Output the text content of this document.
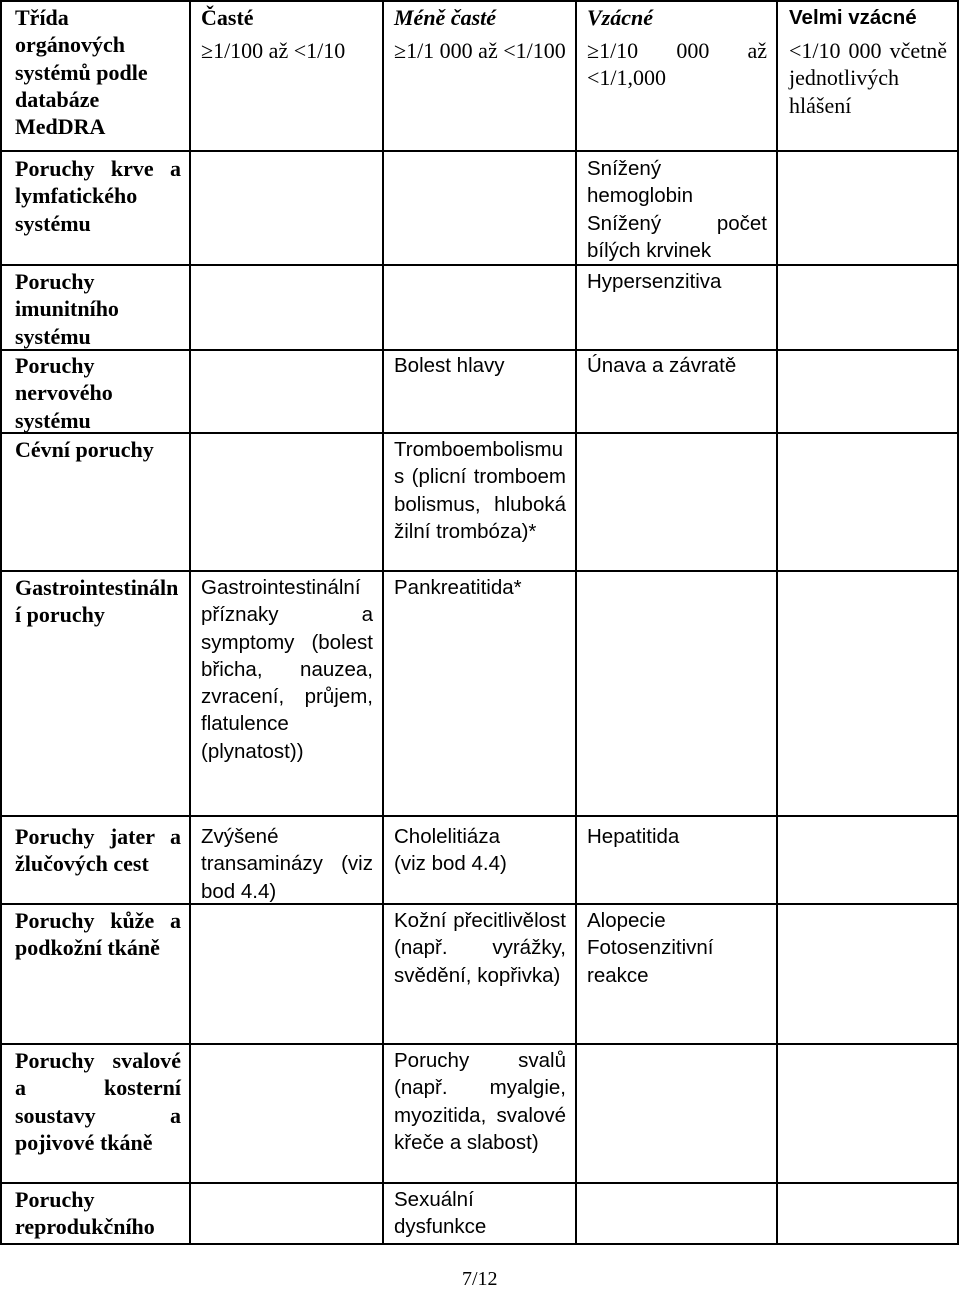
Třída orgánových systémů podle databáze MedDRA
Časté
≥1/100 až <1/10
Méně časté
≥1/1 000 až <1/100
Vzácné
≥1/10 000 až <1/1,000
Velmi vzácné
<1/10 000 včetně jednotlivých hlášení
Poruchy krve a lymfatického systému
Snížený hemoglobin
Snížený počet bílých krvinek
Poruchy imunitního systému
Hypersenzitiva
Poruchy nervového systému
Bolest hlavy	Únava a závratě
Cévní poruchy	Tromboembolismus (plicní tromboembolismus, hluboká žilní trombóza)*
Gastrointestinální poruchy
Gastrointestinální příznaky a symptomy (bolest břicha, nauzea, zvracení, průjem, flatulence (plynatost))
Pankreatitida*
Poruchy jater a žlučových cest
Zvýšené transaminázy (viz bod 4.4)
Cholelitiáza (viz bod 4.4)
Hepatitida
Poruchy kůže a podkožní tkáně
Kožní přecitlivělost (např. vyrážky, svědění, kopřivka)
Alopecie
Fotosenzitivní reakce
Poruchy svalové a kosterní soustavy a pojivové tkáně
Poruchy svalů (např. myalgie, myozitida, svalové křeče a slabost)
Poruchy reprodukčního
Sexuální dysfunkce
7/12
